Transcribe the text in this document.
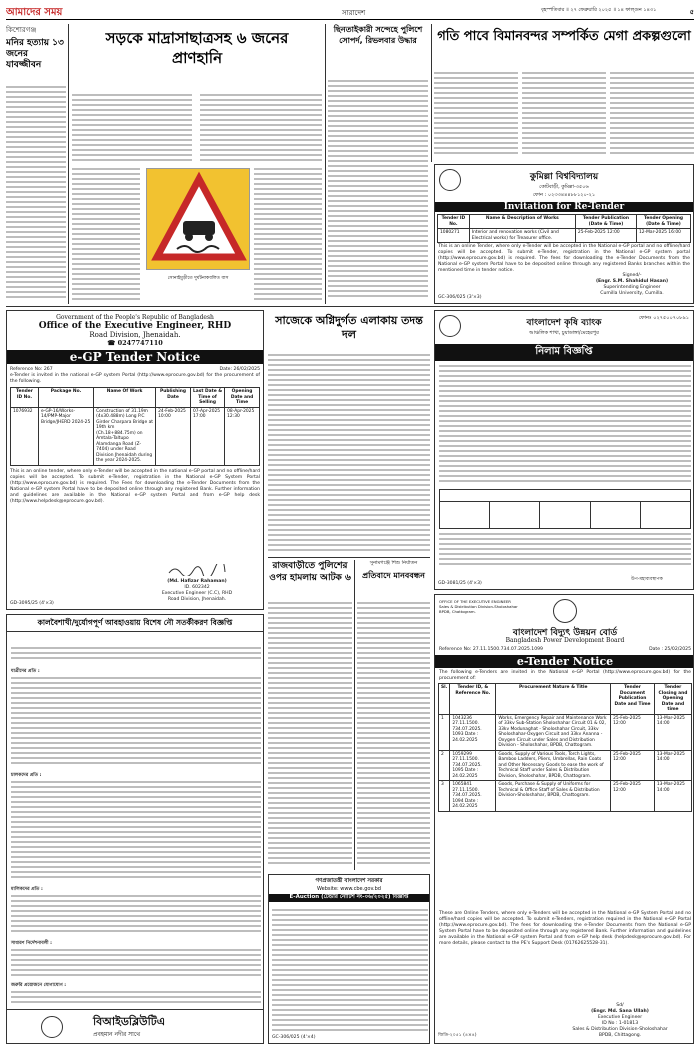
আমাদের সময়	সারাদেশ	বৃহস্পতিবার ॥ ২৭ ফেব্রুয়ারি ২০২৫ ॥ ১৪ ফাল্গুন ১৪৩১	৫
কিশোরগঞ্জ
মনির হত্যায় ১৩ জনের যাবজ্জীবন
সড়কে মাদ্রাসাছাত্রসহ ৬ জনের প্রাণহানি
সোনাইমুড়ীতে দুর্ঘটনাকবলিত বাস
ছিনতাইকারী সন্দেহে পুলিশে সোপর্দ, রিভলবার উদ্ধার	গতি পাবে বিমানবন্দর সম্পর্কিত মেগা প্রকল্পগুলো
কুমিল্লা বিশ্ববিদ্যালয়
কোটবাড়ী, কুমিল্লা-৩৫০৬
ফোন : ০২৩৩৪৪৪৮৮১২০-২১
Invitation for Re-Tender
Tender ID No.	Name & Description of Works	Tender Publication (Date & Time)	Tender Opening (Date & Time)
1080271	Interior and renovation works (Civil and Electrical works) for Treasurer office.	25-Feb-2025 12:00	12-Mar-2025 16:00
This is an online Tender, where only e-Tender will be accepted in the National e-GP portal and no offline/hard copies will be accepted. To submit e-Tender, registration in the National e-GP system portal (http://www.eprocure.gov.bd) is required. The fees for downloading the e-Tender Documents from the National e-GP system Portal have to be deposited online through any registered Banks branches within the mentioned time in tender notice.
Signed/-
(Engr. S.M. Shahidul Hasan)
Superintending Engineer
Cumilla University, Cumilla.
GC-306/025 (3'×3)
Government of the People's Republic of Bangladesh
Office of the Executive Engineer, RHD
Road Division, Jhenaidah.
☎ 0247747110
e-GP Tender Notice
Reference No: 267	Date: 26/02/2025
e-Tender is invited in the national e-GP system Portal (http://www.eprocure.gov.bd) for the procurement of the following.
Tender ID No.	Package No.	Name Of Work	Publishing Date	Last Date & Time of Selling	Opening Date and Time
1076932	e-GP-16/Works-14/PMP-Major Bridge/JHERD 2024-25	Construction of 31.19m (4x30.488m) Long P.C Girder Charpara Bridge at 19th km (Ch.18+884.75m) on Amtala-Taltupo Alamdanga Road (Z-7404) under Road Division Jhenaidah during the year 2024-2025.	24-Feb-2025 10:00	07-Apr-2025 17:00	08-Apr-2025 12:30
This is an online tender, where only e-Tender will be accepted in the national e-GP portal and no offline/hard copies will be accepted. To submit e-Tender, registration in the National e-GP System Portal (http://www.eprocure.gov.bd) is required. The Fees for downloading the e-Tender Documents from the National e-GP system Portal have to be deposited online through any registered Bank. Further information and guidelines are available in the National e-GP system Portal and from e-GP help desk (http://www.helpdesk@eprocure.gov.bd).
(Md. Hafizar Rahaman)
ID. 602342
Executive Engineer (C.C), RHD
Road Division, Jhenaidah.
GD-3095/25 (4'×3)
সাজেকে অগ্নিদুর্গত এলাকায় তদন্ত দল
রাজবাড়ীতে পুলিশের ওপর হামলায় আটক ৬
সুনামগঞ্জে শিশু নির্যাতন
প্রতিবাদে মানববন্ধন
বাংলাদেশ কৃষি ব্যাংক
আঞ্চলিক শাখা, চুয়াডাঙ্গা/মেহেরপুর
ফোনঃ ০২৭৫০০৭০৮৯১
নিলাম বিজ্ঞপ্তি
উপ-মহাব্যবস্থাপক
GD-3081/25 (4'×3)
কালবৈশাখী/দুর্যোগপূর্ণ আবহাওয়ায় বিশেষ নৌ সতর্কীকরণ বিজ্ঞপ্তি
যাত্রীদের প্রতি :
চালকদের প্রতি :
মালিকদের প্রতি :
সাধারণ নির্দেশনাবলী :
জরুরি প্রয়োজনে যোগাযোগ :
বিআইডব্লিউটিএ
প্রবহমান নদীর সাথে
গণপ্রজাতন্ত্রী বাংলাদেশ সরকার
Website: www.cbe.gov.bd
E-Auction (টেন্ডার নোটিশ নং-০৬/২০২৫) বিজ্ঞপ্তি
GC-306/025 (4'×4)
OFFICE OF THE EXECUTIVE ENGINEER
Sales & Distribution Division-Sholoshahar
BPDB, Chattogram.
বাংলাদেশ বিদ্যুৎ উন্নয়ন বোর্ড
Bangladesh Power Development Board
Reference No: 27.11.1500.734.07.2025.1099	Date : 25/02/2025
e-Tender Notice
The following e-Tenders are invited in the National e-GP Portal (http://www.eprocure.gov.bd) for the procurement of:
Sl.	Tender ID, & Reference No.	Procurement Nature & Title	Tender Document Publication Date and Time	Tender Closing and Opening Date and time
1	1043236 27.11.1500. 734.07.2025. 1093 Date : 24.02.2025	Works, Emergency Repair and Maintenance Work of 33kv Sub-Station Sholoshahar Circuit 01 & 02, 33kv Modunaghat - Sholoshahar Circuit, 33kv Sholoshahar-Oxygen Circuit and 33kv Ananna - Oxygen Circuit under Sales and Distribution Division - Sholoshahar, BPDB, Chattogram.	25-Feb-2025 12:00	13-Mar-2025 14:00
2	1059299 27.11.1500. 734.07.2025. 1095 Date : 24.02.2025	Goods, Supply of Various Tools, Torch Lights, Bamboo Ladders, Pliers, Umbrellas, Rain Coats and Other Necessary Goods to ease the work of Technical Staff under Sales & Distribution Division, Sholoshahar, BPDB, Chattogram.	25-Feb-2025 12:00	13-Mar-2025 14:00
3	1065841 27.11.1500. 734.07.2025. 1094 Date : 24.02.2025	Goods, Purchase & Supply of Uniforms for Technical & Office Staff of Sales & Distribution Division-Sholoshahar, BPDB, Chattogram.	25-Feb-2025 12:00	13-Mar-2025 14:00
These are Online Tenders, where only e-Tenders will be accepted in the National e-GP System Portal and no offline/hard copies will be accepted. To submit e-Tenders, registration required in the National e-GP Portal (http://www.eprocure.gov.bd). The fees for downloading the e-Tender Documents from the National e-GP System Portal have to be deposited online through any registered Bank. Further information and guidelines are available in the National e-GP system Portal and from e-GP help desk (helpdesk@eprocure.gov.bd). For more details, please contact to the PE's Support Desk (01762625528-31).
Sd/
(Engr. Md. Sana Ullah)
Executive Engineer
ID No : 1-01813
Sales & Distribution Division-Sholoshahar
BPDB, Chittagong.
জিডি-২০৫১ (৪×৪)
